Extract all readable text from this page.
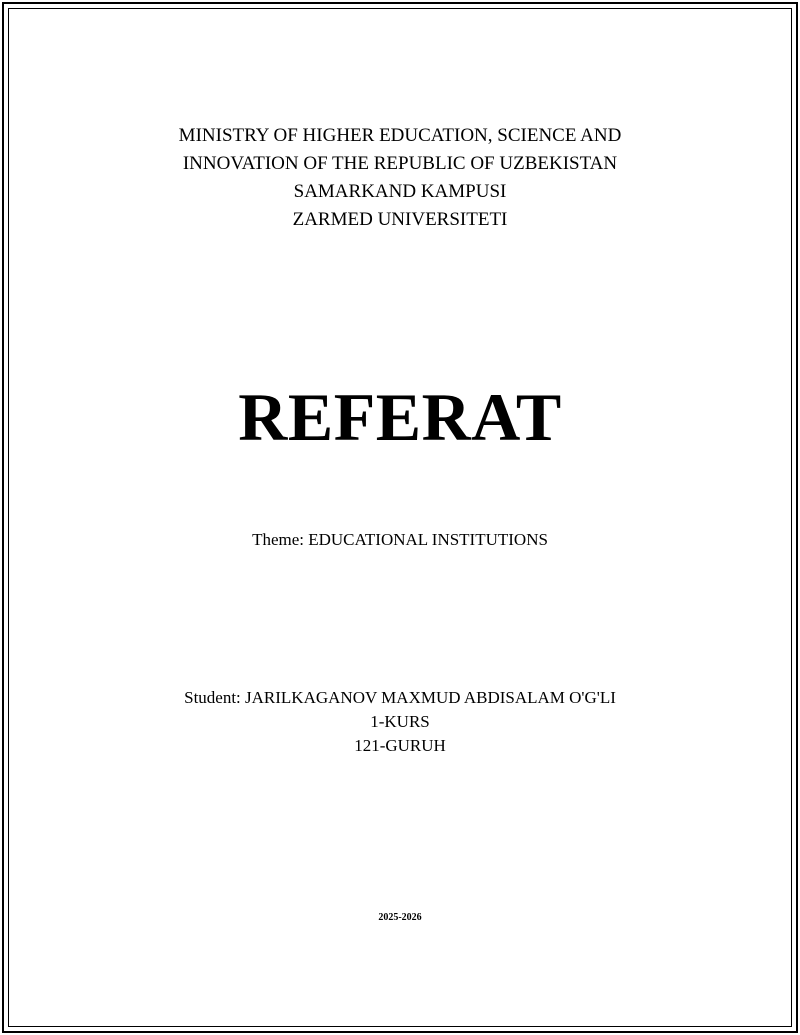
MINISTRY OF HIGHER EDUCATION, SCIENCE AND
INNOVATION OF THE REPUBLIC OF UZBEKISTAN
SAMARKAND KAMPUSI
ZARMED UNIVERSITETI
REFERAT
Theme: EDUCATIONAL INSTITUTIONS
Student: JARILKAGANOV MAXMUD ABDISALAM O'G'LI
1-KURS
121-GURUH
2025-2026
